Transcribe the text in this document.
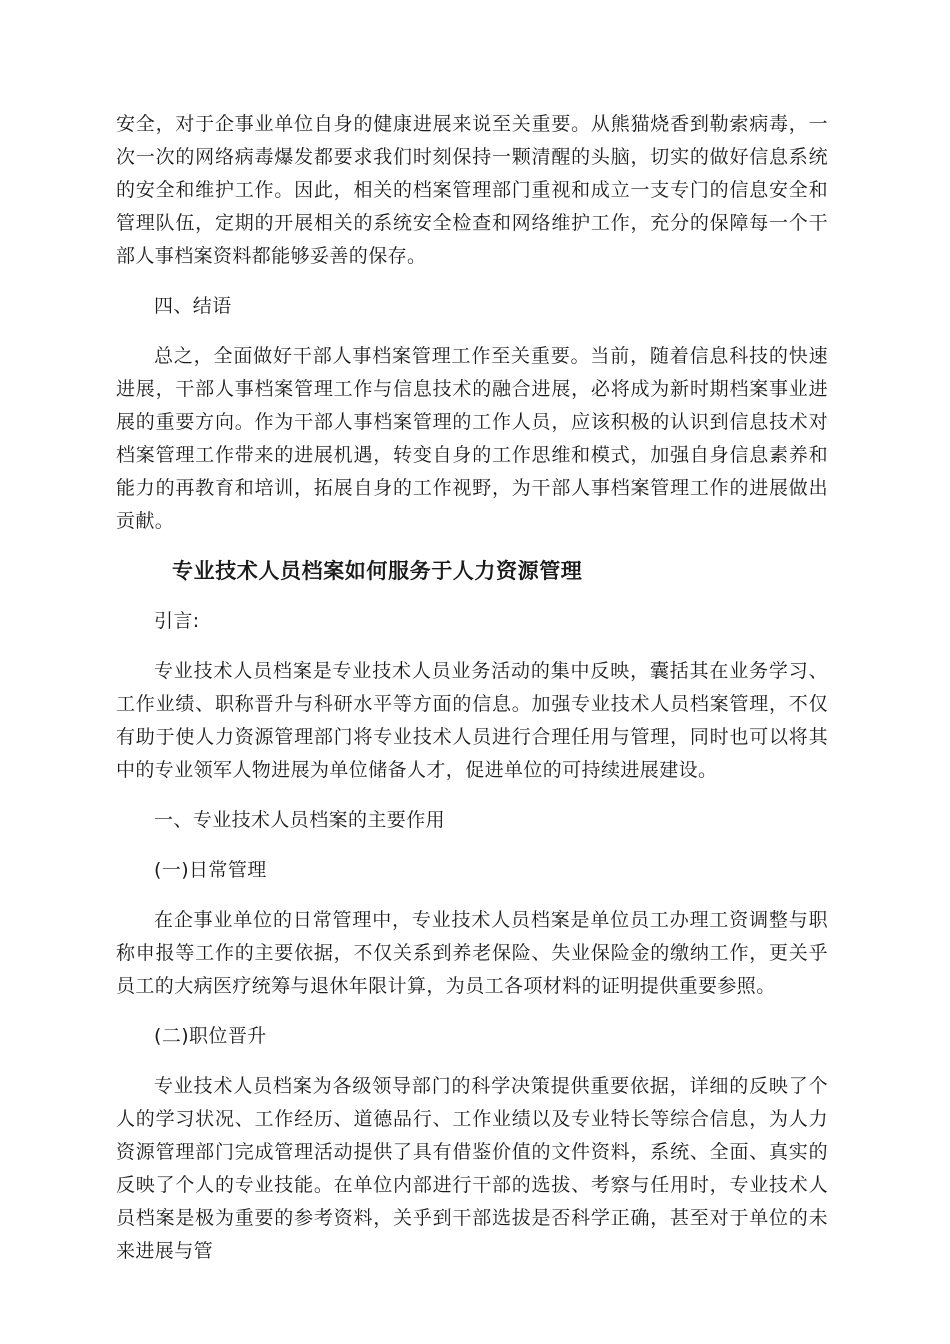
安全，对于企事业单位自身的健康进展来说至关重要。从熊猫烧香到勒索病毒，一次一次的网络病毒爆发都要求我们时刻保持一颗清醒的头脑，切实的做好信息系统的安全和维护工作。因此，相关的档案管理部门重视和成立一支专门的信息安全和管理队伍，定期的开展相关的系统安全检查和网络维护工作，充分的保障每一个干部人事档案资料都能够妥善的保存。

四、结语

总之，全面做好干部人事档案管理工作至关重要。当前，随着信息科技的快速进展，干部人事档案管理工作与信息技术的融合进展，必将成为新时期档案事业进展的重要方向。作为干部人事档案管理的工作人员，应该积极的认识到信息技术对档案管理工作带来的进展机遇，转变自身的工作思维和模式，加强自身信息素养和能力的再教育和培训，拓展自身的工作视野，为干部人事档案管理工作的进展做出贡献。

专业技术人员档案如何服务于人力资源管理

引言:

专业技术人员档案是专业技术人员业务活动的集中反映，囊括其在业务学习、工作业绩、职称晋升与科研水平等方面的信息。加强专业技术人员档案管理，不仅有助于使人力资源管理部门将专业技术人员进行合理任用与管理，同时也可以将其中的专业领军人物进展为单位储备人才，促进单位的可持续进展建设。

一、专业技术人员档案的主要作用

(一)日常管理

在企事业单位的日常管理中，专业技术人员档案是单位员工办理工资调整与职称申报等工作的主要依据，不仅关系到养老保险、失业保险金的缴纳工作，更关乎员工的大病医疗统筹与退休年限计算，为员工各项材料的证明提供重要参照。

(二)职位晋升

专业技术人员档案为各级领导部门的科学决策提供重要依据，详细的反映了个人的学习状况、工作经历、道德品行、工作业绩以及专业特长等综合信息，为人力资源管理部门完成管理活动提供了具有借鉴价值的文件资料，系统、全面、真实的反映了个人的专业技能。在单位内部进行干部的选拔、考察与任用时，专业技术人员档案是极为重要的参考资料，关乎到干部选拔是否科学正确，甚至对于单位的未来进展与管
